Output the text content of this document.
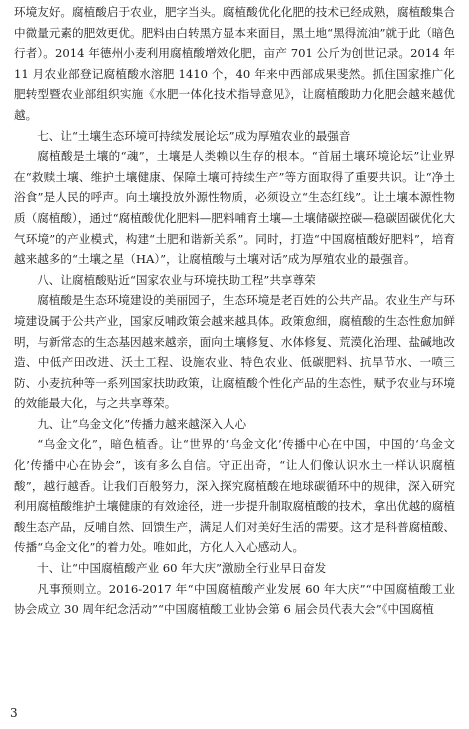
环境友好。腐植酸启于农业，肥字当头。腐植酸优化化肥的技术已经成熟，腐植酸集合中微量元素的肥效更优。肥料由白转黑方显本来面目，黑土地“黑得流油”就于此（暗色行者）。2014 年德州小麦利用腐植酸增效化肥，亩产 701 公斤为创世记录。2014 年 11 月农业部登记腐植酸水溶肥 1410 个，40 年来中西部成果斐然。抓住国家推广化肥转型暨农业部组织实施《水肥一体化技术指导意见》，让腐植酸助力化肥会越来越优越。

七、让“土壤生态环境可持续发展论坛”成为厚殖农业的最强音

腐植酸是土壤的“魂”，土壤是人类赖以生存的根本。“首届土壤环境论坛”让业界在“救赎土壤、维护土壤健康、保障土壤可持续生产”等方面取得了重要共识。让“净土浴食”是人民的呼声。向土壤投放外源性物质，必须设立“生态红线”。让土壤本源性物质（腐植酸），通过“腐植酸优化肥料—肥料哺育土壤—土壤储碳控碳—稳碳固碳优化大气环境”的产业模式，构建“土肥和谐新关系”。同时，打造“中国腐植酸好肥料”，培育越来越多的“土壤之星（HA）”，让腐植酸与土壤对话”成为厚殖农业的最强音。

八、让腐植酸贴近“国家农业与环境扶助工程”共享尊荣

腐植酸是生态环境建设的美丽园子，生态环境是老百姓的公共产品。农业生产与环境建设属于公共产业，国家反哺政策会越来越具体。政策愈细，腐植酸的生态性愈加鲜明，与新常态的生态基因越来越亲，面向土壤修复、水体修复、荒漠化治理、盐碱地改造、中低产田改进、沃土工程、设施农业、特色农业、低碳肥料、抗旱节水、一喷三防、小麦抗种等一系列国家扶助政策，让腐植酸个性化产品的生态性，赋予农业与环境的效能最大化，与之共享尊荣。

九、让“乌金文化”传播力越来越深入人心

“乌金文化”，暗色植香。让“世界的‘乌金文化’传播中心在中国，中国的‘乌金文化’传播中心在协会”，该有多么自信。守正出奇，“让人们像认识水土一样认识腐植酸”，越行越香。让我们百般努力，深入探究腐植酸在地球碳循环中的规律，深入研究利用腐植酸维护土壤健康的有效途径，进一步提升制取腐植酸的技术，拿出优越的腐植酸生态产品，反哺自然、回馈生产，满足人们对美好生活的需要。这才是科普腐植酸、传播“乌金文化”的着力处。唯如此，方化人入心感动人。

十、让“中国腐植酸产业 60 年大庆”激励全行业早日奋发

凡事预则立。2016-2017 年“中国腐植酸产业发展 60 年大庆”“中国腐植酸工业协会成立 30 周年纪念活动”“中国腐植酸工业协会第 6 届会员代表大会”《中国腐植

3
